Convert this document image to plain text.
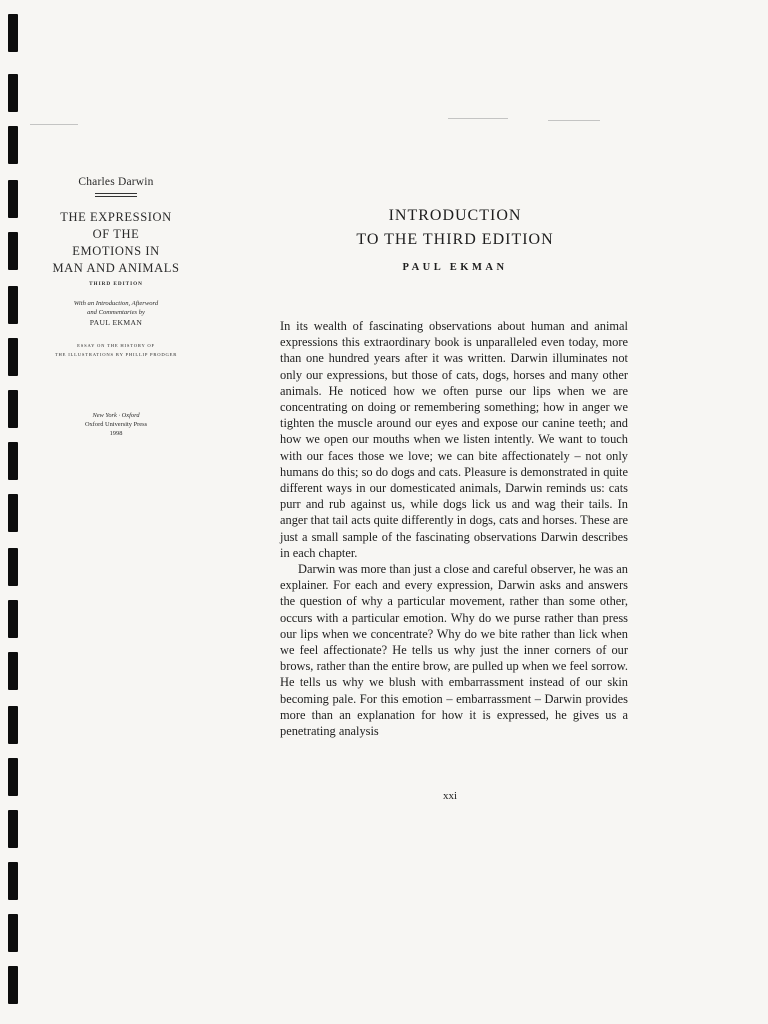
Charles Darwin
THE EXPRESSION
OF THE
EMOTIONS IN
MAN AND ANIMALS
THIRD EDITION
With an Introduction, Afterword
and Commentaries by
PAUL EKMAN
ESSAY ON THE HISTORY OF
THE ILLUSTRATIONS BY PHILLIP PRODGER
New York · Oxford
Oxford University Press
1998
INTRODUCTION
TO THE THIRD EDITION
PAUL EKMAN

In its wealth of fascinating observations about human and animal expressions this extraordinary book is unparalleled even today, more than one hundred years after it was written. Darwin illuminates not only our expressions, but those of cats, dogs, horses and many other animals. He noticed how we often purse our lips when we are concentrating on doing or remembering something; how in anger we tighten the muscle around our eyes and expose our canine teeth; and how we open our mouths when we listen intently. We want to touch with our faces those we love; we can bite affectionately – not only humans do this; so do dogs and cats. Pleasure is demonstrated in quite different ways in our domesticated animals, Darwin reminds us: cats purr and rub against us, while dogs lick us and wag their tails. In anger that tail acts quite differently in dogs, cats and horses. These are just a small sample of the fascinating observations Darwin describes in each chapter.

Darwin was more than just a close and careful observer, he was an explainer. For each and every expression, Darwin asks and answers the question of why a particular movement, rather than some other, occurs with a particular emotion. Why do we purse rather than press our lips when we concentrate? Why do we bite rather than lick when we feel affectionate? He tells us why just the inner corners of our brows, rather than the entire brow, are pulled up when we feel sorrow. He tells us why we blush with embarrassment instead of our skin becoming pale. For this emotion – embarrassment – Darwin provides more than an explanation for how it is expressed, he gives us a penetrating analysis

xxi
